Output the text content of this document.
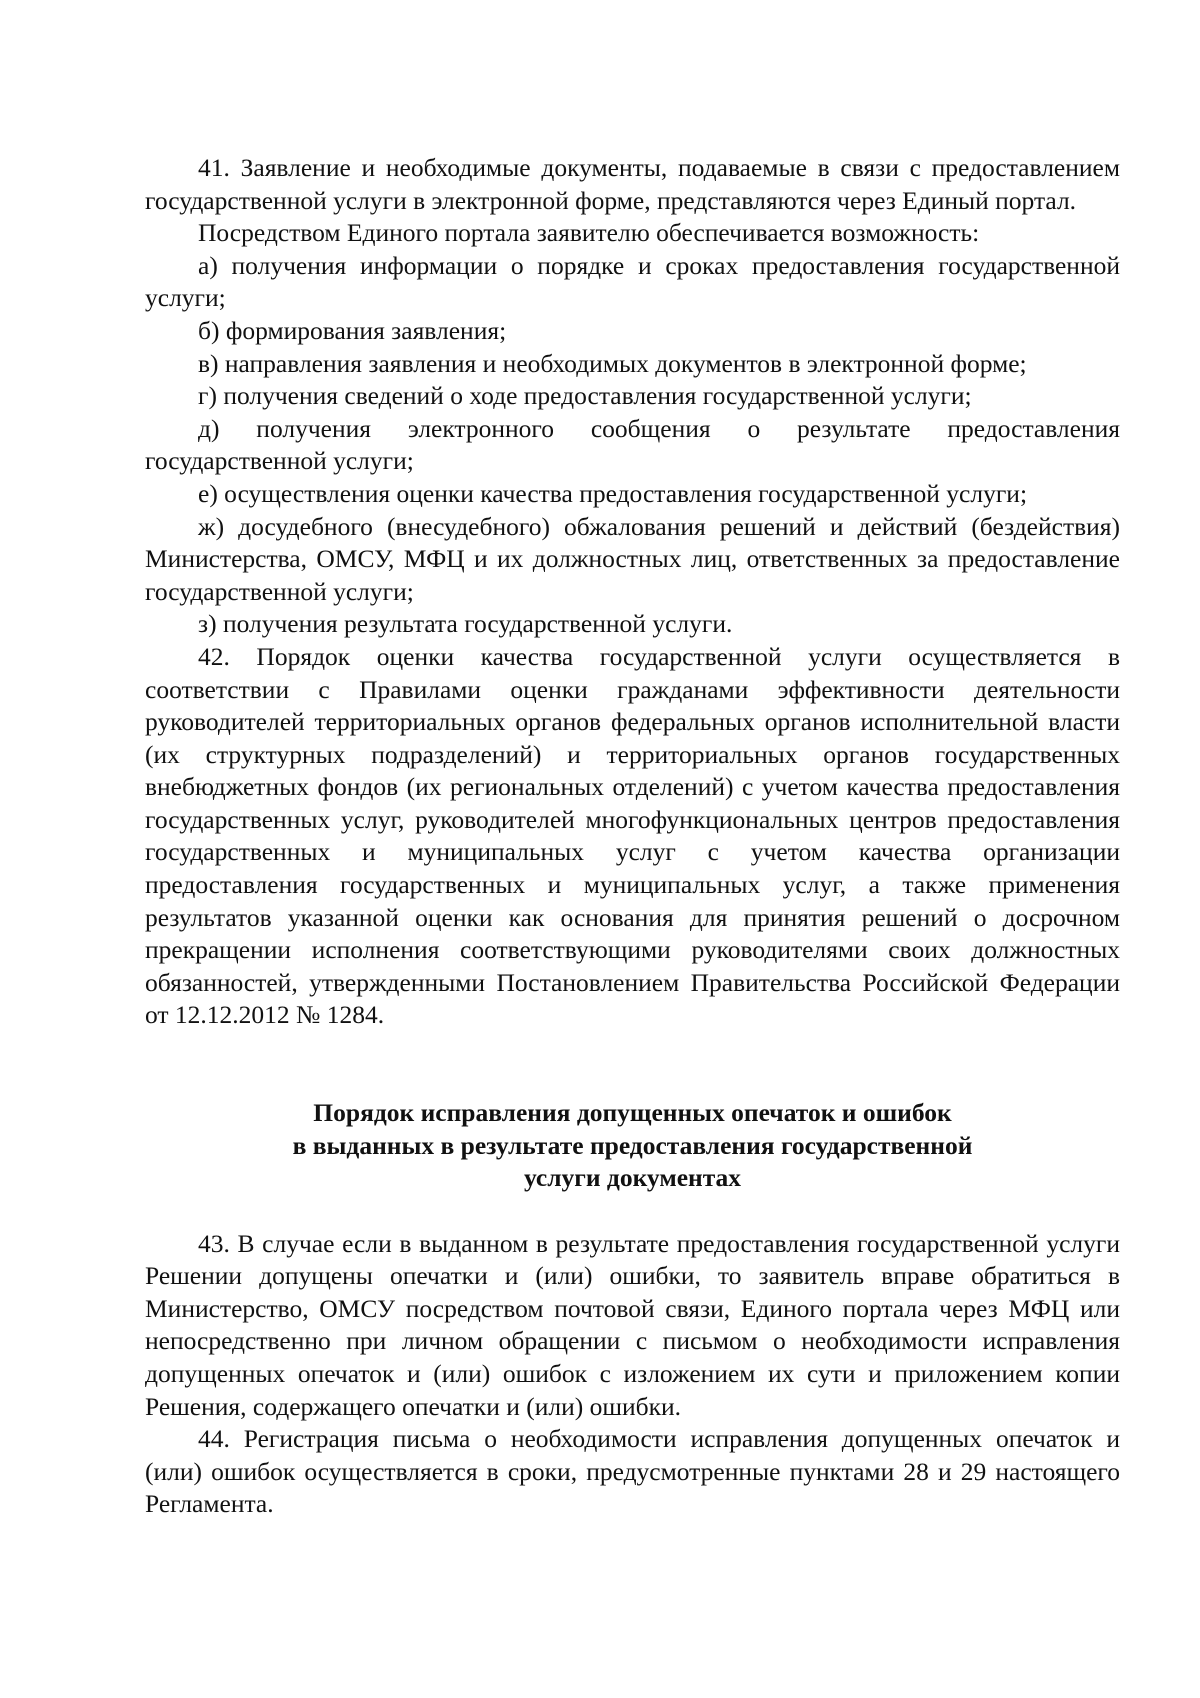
41. Заявление и необходимые документы, подаваемые в связи с предоставлением государственной услуги в электронной форме, представляются через Единый портал.

Посредством Единого портала заявителю обеспечивается возможность:

а) получения информации о порядке и сроках предоставления государственной услуги;

б) формирования заявления;

в) направления заявления и необходимых документов в электронной форме;

г) получения сведений о ходе предоставления государственной услуги;

д) получения электронного сообщения о результате предоставления государственной услуги;

е) осуществления оценки качества предоставления государственной услуги;

ж) досудебного (внесудебного) обжалования решений и действий (бездействия) Министерства, ОМСУ, МФЦ и их должностных лиц, ответственных за предоставление государственной услуги;

з) получения результата государственной услуги.

42. Порядок оценки качества государственной услуги осуществляется в соответствии с Правилами оценки гражданами эффективности деятельности руководителей территориальных органов федеральных органов исполнительной власти (их структурных подразделений) и территориальных органов государственных внебюджетных фондов (их региональных отделений) с учетом качества предоставления государственных услуг, руководителей многофункциональных центров предоставления государственных и муниципальных услуг с учетом качества организации предоставления государственных и муниципальных услуг, а также применения результатов указанной оценки как основания для принятия решений о досрочном прекращении исполнения соответствующими руководителями своих должностных обязанностей, утвержденными Постановлением Правительства Российской Федерации от 12.12.2012 № 1284.

Порядок исправления допущенных опечаток и ошибок

в выданных в результате предоставления государственной

услуги документах

43. В случае если в выданном в результате предоставления государственной услуги Решении допущены опечатки и (или) ошибки, то заявитель вправе обратиться в Министерство, ОМСУ посредством почтовой связи, Единого портала через МФЦ или непосредственно при личном обращении с письмом о необходимости исправления допущенных опечаток и (или) ошибок с изложением их сути и приложением копии Решения, содержащего опечатки и (или) ошибки.

44. Регистрация письма о необходимости исправления допущенных опечаток и (или) ошибок осуществляется в сроки, предусмотренные пунктами 28 и 29 настоящего Регламента.
